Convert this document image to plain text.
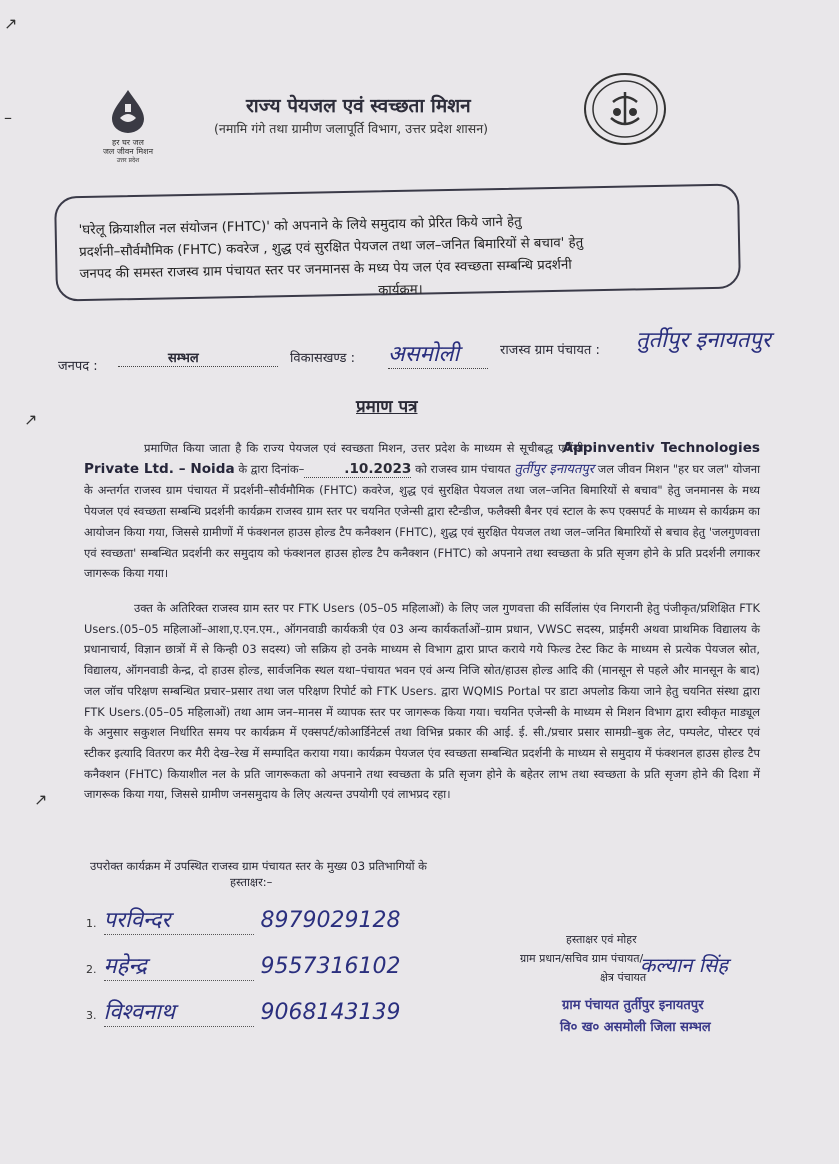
↗
–
↗
↗
हर घर जल
जल जीवन मिशन
उत्तर प्रदेश
राज्य पेयजल एवं स्वच्छता मिशन
(नमामि गंगे तथा ग्रामीण जलापूर्ति विभाग, उत्तर प्रदेश शासन)
'घरेलू क्रियाशील नल संयोजन (FHTC)' को अपनाने के लिये समुदाय को प्रेरित किये जाने हेतु
प्रदर्शनी–सौर्वमौमिक (FHTC) कवरेज , शुद्ध एवं सुरक्षित पेयजल तथा जल–जनित बिमारियों से बचाव' हेतु
जनपद की समस्त राजस्व ग्राम पंचायत स्तर पर जनमानस के मध्य पेय जल एंव स्वच्छता सम्बन्धि प्रदर्शनी

कार्यक्रम।
जनपद :
सम्भल	विकासखण्ड : असमोली	राजस्व ग्राम पंचायत : तुर्तीपुर इनायतपुर
प्रमाण पत्र

प्रमाणित किया जाता है कि राज्य पेयजल एवं स्वच्छता मिशन, उत्तर प्रदेश के माध्यम से सूचीबद्ध एजेंसी Appinventiv Technologies Private Ltd. – Noida के द्वारा दिनांक–	.10.2023 को राजस्व ग्राम पंचायत तुर्तीपुर इनायतपुर जल जीवन मिशन "हर घर जल" योजना के अन्तर्गत राजस्व ग्राम पंचायत में प्रदर्शनी–सौर्वमौमिक (FHTC) कवरेज, शुद्ध एवं सुरक्षित पेयजल तथा जल–जनित बिमारियों से बचाव" हेतु जनमानस के मध्य पेयजल एवं स्वच्छता सम्बन्धि प्रदर्शनी कार्यक्रम राजस्व ग्राम स्तर पर चयनित एजेन्सी द्वारा स्टैन्डीज, फलैक्सी बैनर एवं स्टाल के रूप एक्सपर्ट के माध्यम से कार्यक्रम का आयोजन किया गया, जिससे ग्रामीणों में फंक्शनल हाउस होल्ड टैप कनैक्शन (FHTC), शुद्ध एवं सुरक्षित पेयजल तथा जल–जनित बिमारियों से बचाव हेतु 'जलगुणवत्ता एवं स्वच्छता' सम्बन्धित प्रदर्शनी कर समुदाय को फंक्शनल हाउस होल्ड टैप कनैक्शन (FHTC) को अपनाने तथा स्वच्छता के प्रति सृजग होने के प्रति प्रदर्शनी लगाकर जागरूक किया गया।

उक्त के अतिरिक्त राजस्व ग्राम स्तर पर FTK Users (05–05 महिलाओं) के लिए जल गुणवत्ता की सर्विलांस एंव निगरानी हेतु पंजीकृत/प्रशिक्षित FTK Users.(05–05 महिलाओं–आशा,ए.एन.एम., ऑगनवाडी कार्यकत्री एंव 03 अन्य कार्यकर्ताओं–ग्राम प्रधान, VWSC सदस्य, प्राईमरी अथवा प्राथमिक विद्यालय के प्रधानाचार्य, विज्ञान छात्रों में से किन्ही 03 सदस्य) जो सक्रिय हो उनके माध्यम से विभाग द्वारा प्राप्त कराये गये फिल्ड टेस्ट किट के माध्यम से प्रत्येक पेयजल स्रोत, विद्यालय, ऑगनवाडी केन्द्र, दो हाउस होल्ड, सार्वजनिक स्थल यथा–पंचायत भवन एवं अन्य निजि स्रोत/हाउस होल्ड आदि की (मानसून से पहले और मानसून के बाद) जल जॉच परिक्षण सम्बन्धित प्रचार–प्रसार तथा जल परिक्षण रिपोर्ट को FTK Users. द्वारा WQMIS Portal पर डाटा अपलोड किया जाने हेतु चयनित संस्था द्वारा FTK Users.(05–05 महिलाओं) तथा आम जन–मानस में व्यापक स्तर पर जागरूक किया गया। चयनित एजेन्सी के माध्यम से मिशन विभाग द्वारा स्वीकृत माड्यूल के अनुसार सकुशल निर्धारित समय पर कार्यक्रम में एक्सपर्ट/कोआर्डिनेटर्स तथा विभिन्न प्रकार की आई. ई. सी./प्रचार प्रसार सामग्री–बुक लेट, पम्पलेट, पोस्टर एवं स्टीकर इत्यादि वितरण कर मैरी देख–रेख में सम्पादित कराया गया। कार्यक्रम पेयजल एंव स्वच्छता सम्बन्धित प्रदर्शनी के माध्यम से समुदाय में फंक्शनल हाउस होल्ड टैप कनैक्शन (FHTC) कियाशील नल के प्रति जागरूकता को अपनाने तथा स्वच्छता के प्रति सृजग होने के बहेतर लाभ तथा स्वच्छता के प्रति सृजग होने की दिशा में जागरूक किया गया, जिससे ग्रामीण जनसमुदाय के लिए अत्यन्त उपयोगी एवं लाभप्रद रहा।

उपरोक्त कार्यक्रम में उपस्थित राजस्व ग्राम पंचायत स्तर के मुख्य 03 प्रतिभागियों के
हस्ताक्षर:–
1. परविन्दर	8979029128
2. महेन्द्र	9557316102
3. विश्वनाथ	9068143139
हस्ताक्षर एवं मोहर
ग्राम प्रधान/सचिव ग्राम पंचायत/
क्षेत्र पंचायत
कल्यान सिंह
ग्राम पंचायत तुर्तीपुर इनायतपुर
वि० ख० असमोली जिला सम्भल
